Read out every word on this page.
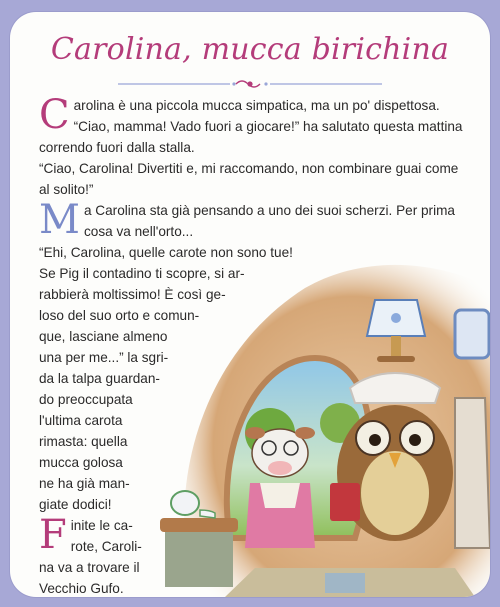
Carolina, mucca birichina

Carolina è una piccola mucca simpatica, ma un po' dispettosa. “Ciao, mamma! Vado fuori a giocare!” ha salutato questa mattina correndo fuori dalla stalla.

“Ciao, Carolina! Divertiti e, mi raccomando, non combinare guai come al solito!”

Ma Carolina sta già pensando a uno dei suoi scherzi. Per prima cosa va nell'orto...

“Ehi, Carolina, quelle carote non sono tue!

Se Pig il contadino ti scopre, si ar-

rabbierà moltissimo! È così ge-

loso del suo orto e comun-

que, lasciane almeno

una per me...” la sgri-

da la talpa guardan-

do preoccupata

l'ultima carota

rimasta: quella

mucca golosa

ne ha già man-

giate dodici!

F inite le ca-

rote, Caroli-

na va a trovare il

Vecchio Gufo.
